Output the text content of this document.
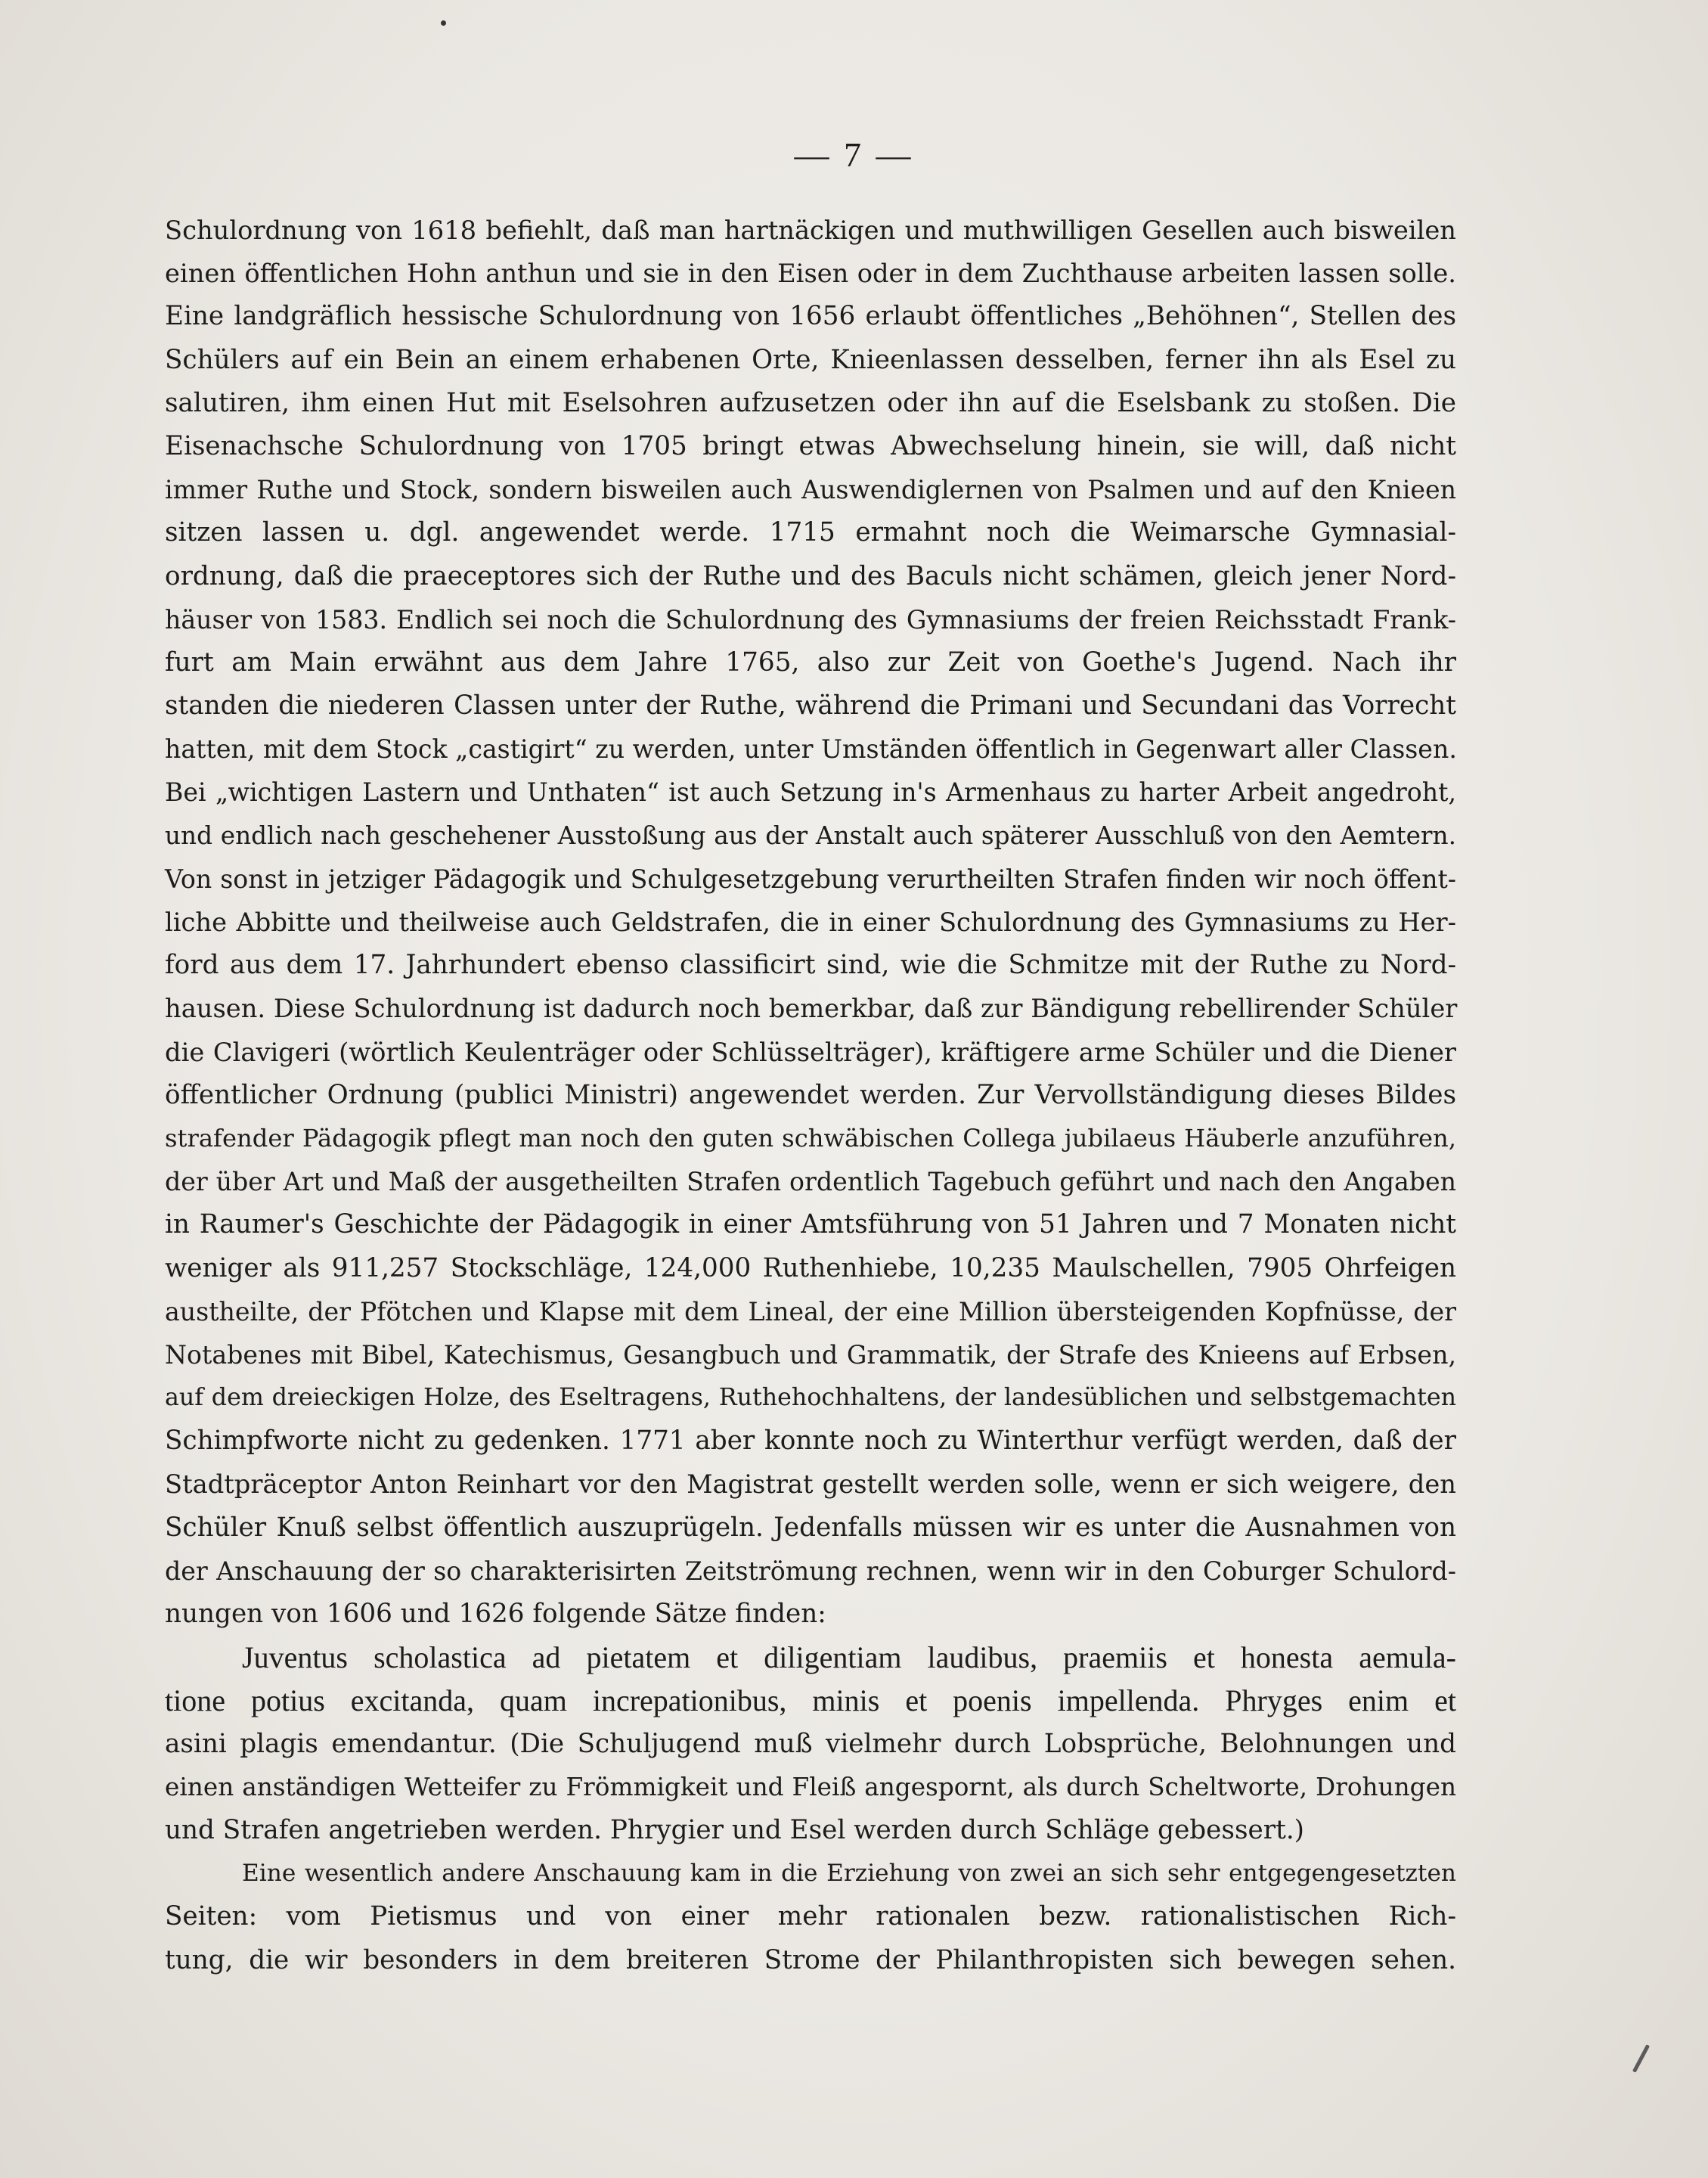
— 7 —
Schulordnung von 1618 befiehlt, daß man hartnäckigen und muthwilligen Gesellen auch bisweilen
einen öffentlichen Hohn anthun und sie in den Eisen oder in dem Zuchthause arbeiten lassen solle.
Eine landgräflich hessische Schulordnung von 1656 erlaubt öffentliches „Behöhnen“, Stellen des
Schülers auf ein Bein an einem erhabenen Orte, Knieenlassen desselben, ferner ihn als Esel zu
salutiren, ihm einen Hut mit Eselsohren aufzusetzen oder ihn auf die Eselsbank zu stoßen. Die
Eisenachsche Schulordnung von 1705 bringt etwas Abwechselung hinein, sie will, daß nicht
immer Ruthe und Stock, sondern bisweilen auch Auswendiglernen von Psalmen und auf den Knieen
sitzen lassen u. dgl. angewendet werde. 1715 ermahnt noch die Weimarsche Gymnasial-
ordnung, daß die praeceptores sich der Ruthe und des Baculs nicht schämen, gleich jener Nord-
häuser von 1583. Endlich sei noch die Schulordnung des Gymnasiums der freien Reichsstadt Frank-
furt am Main erwähnt aus dem Jahre 1765, also zur Zeit von Goethe's Jugend. Nach ihr
standen die niederen Classen unter der Ruthe, während die Primani und Secundani das Vorrecht
hatten, mit dem Stock „castigirt“ zu werden, unter Umständen öffentlich in Gegenwart aller Classen.
Bei „wichtigen Lastern und Unthaten“ ist auch Setzung in's Armenhaus zu harter Arbeit angedroht,
und endlich nach geschehener Ausstoßung aus der Anstalt auch späterer Ausschluß von den Aemtern.
Von sonst in jetziger Pädagogik und Schulgesetzgebung verurtheilten Strafen finden wir noch öffent-
liche Abbitte und theilweise auch Geldstrafen, die in einer Schulordnung des Gymnasiums zu Her-
ford aus dem 17. Jahrhundert ebenso classificirt sind, wie die Schmitze mit der Ruthe zu Nord-
hausen. Diese Schulordnung ist dadurch noch bemerkbar, daß zur Bändigung rebellirender Schüler
die Clavigeri (wörtlich Keulenträger oder Schlüsselträger), kräftigere arme Schüler und die Diener
öffentlicher Ordnung (publici Ministri) angewendet werden. Zur Vervollständigung dieses Bildes
strafender Pädagogik pflegt man noch den guten schwäbischen Collega jubilaeus Häuberle anzuführen,
der über Art und Maß der ausgetheilten Strafen ordentlich Tagebuch geführt und nach den Angaben
in Raumer's Geschichte der Pädagogik in einer Amtsführung von 51 Jahren und 7 Monaten nicht
weniger als 911,257 Stockschläge, 124,000 Ruthenhiebe, 10,235 Maulschellen, 7905 Ohrfeigen
austheilte, der Pfötchen und Klapse mit dem Lineal, der eine Million übersteigenden Kopfnüsse, der
Notabenes mit Bibel, Katechismus, Gesangbuch und Grammatik, der Strafe des Knieens auf Erbsen,
auf dem dreieckigen Holze, des Eseltragens, Ruthehochhaltens, der landesüblichen und selbstgemachten
Schimpfworte nicht zu gedenken. 1771 aber konnte noch zu Winterthur verfügt werden, daß der
Stadtpräceptor Anton Reinhart vor den Magistrat gestellt werden solle, wenn er sich weigere, den
Schüler Knuß selbst öffentlich auszuprügeln. Jedenfalls müssen wir es unter die Ausnahmen von
der Anschauung der so charakterisirten Zeitströmung rechnen, wenn wir in den Coburger Schulord-
nungen von 1606 und 1626 folgende Sätze finden:
Juventus scholastica ad pietatem et diligentiam laudibus, praemiis et honesta aemula-
tione potius excitanda, quam increpationibus, minis et poenis impellenda. Phryges enim et
asini plagis emendantur. (Die Schuljugend muß vielmehr durch Lobsprüche, Belohnungen und
einen anständigen Wetteifer zu Frömmigkeit und Fleiß angespornt, als durch Scheltworte, Drohungen
und Strafen angetrieben werden. Phrygier und Esel werden durch Schläge gebessert.)
Eine wesentlich andere Anschauung kam in die Erziehung von zwei an sich sehr entgegengesetzten
Seiten: vom Pietismus und von einer mehr rationalen bezw. rationalistischen Rich-
tung, die wir besonders in dem breiteren Strome der Philanthropisten sich bewegen sehen.
